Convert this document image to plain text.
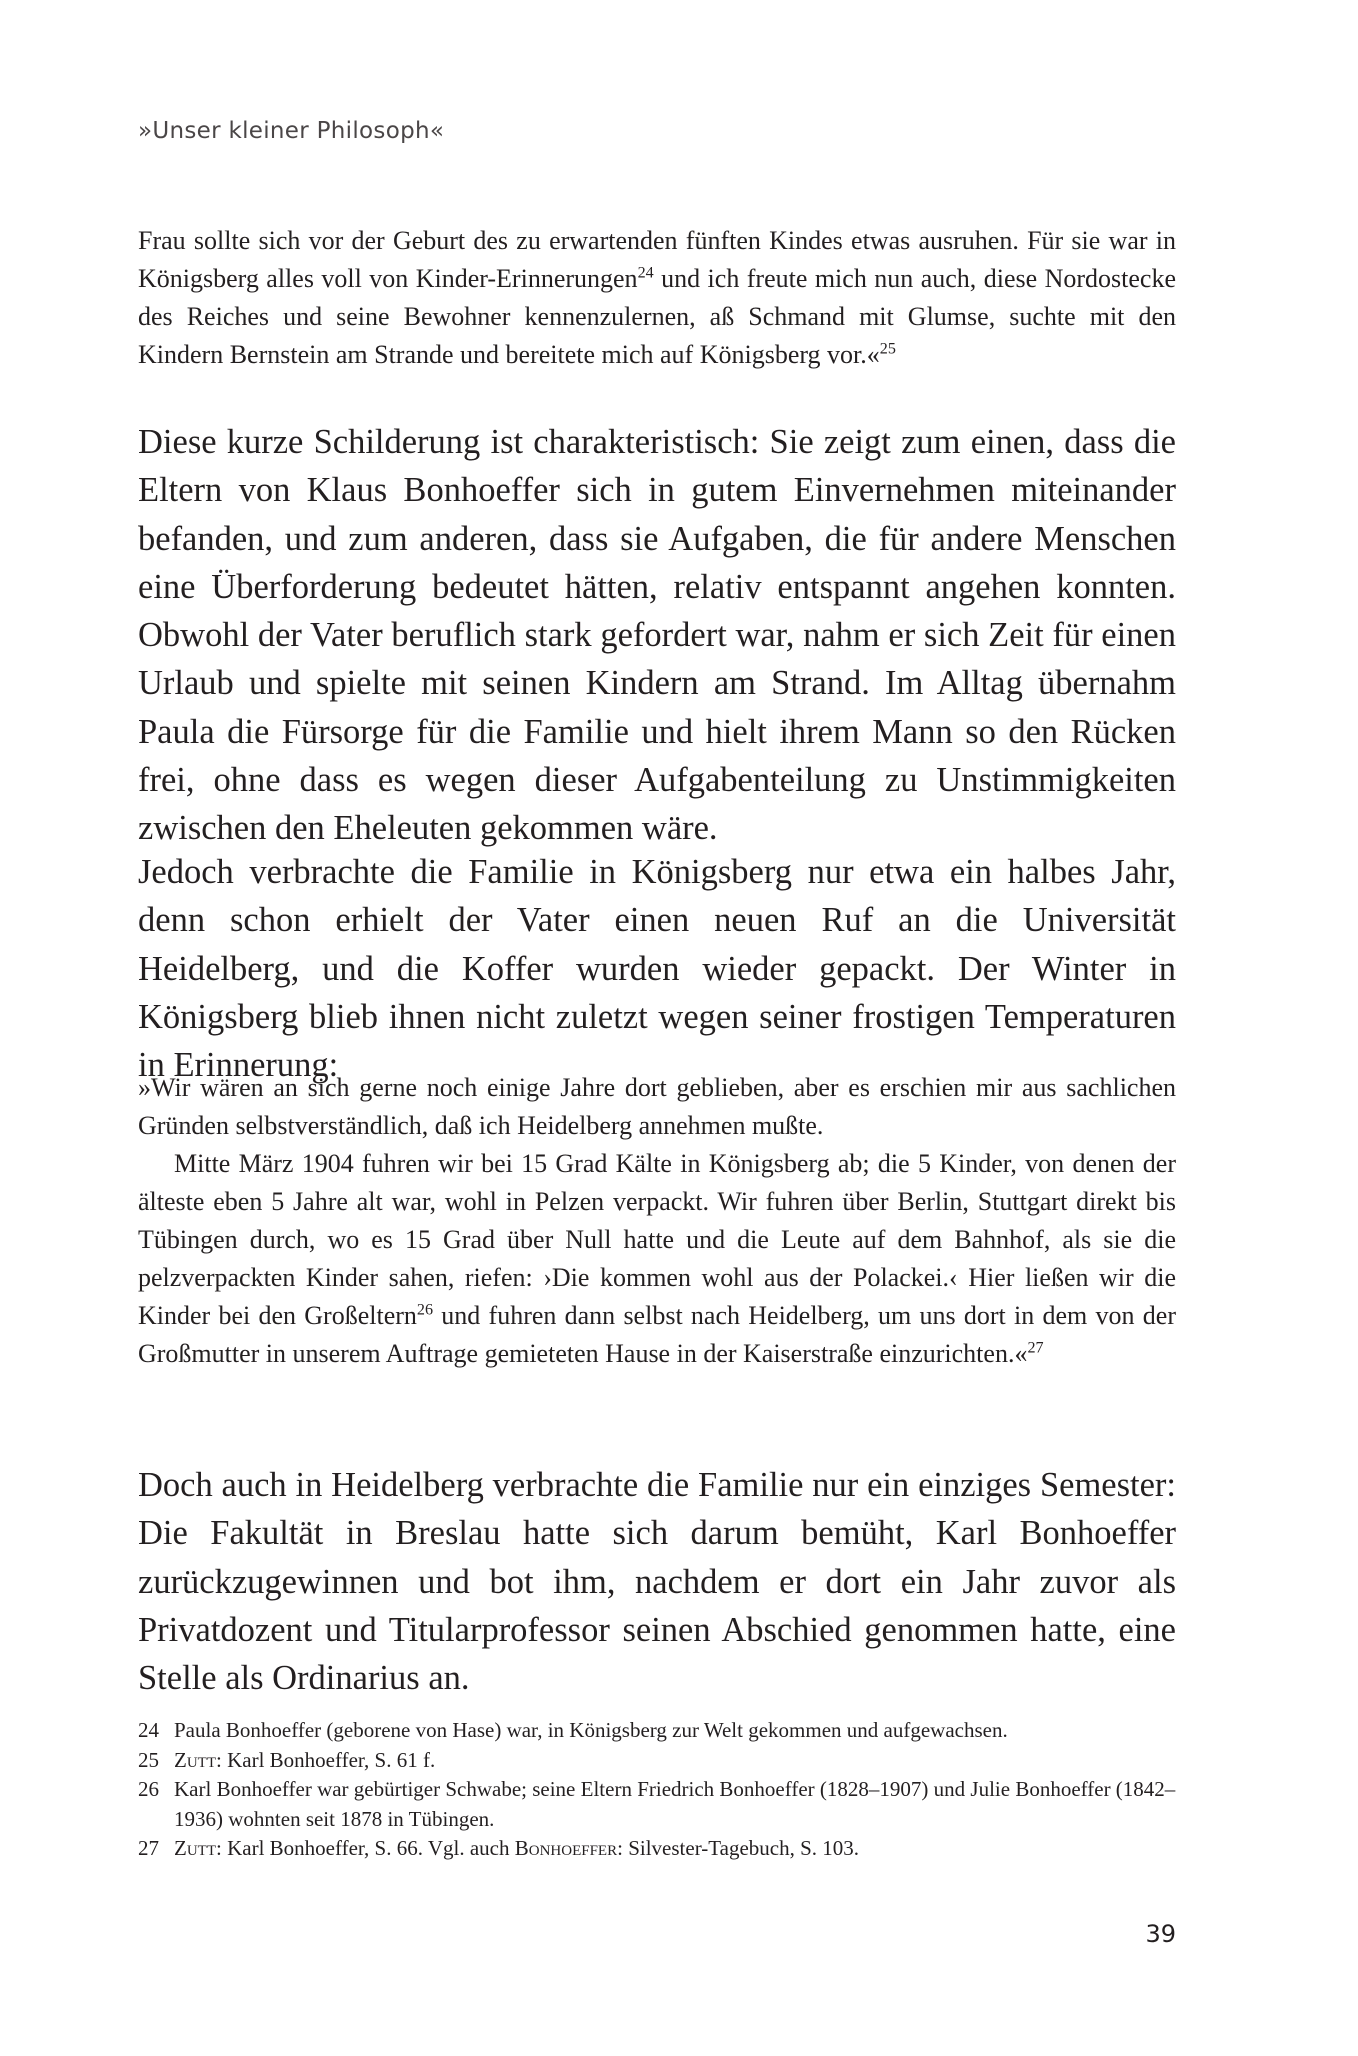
»Unser kleiner Philosoph«

Frau sollte sich vor der Geburt des zu erwartenden fünften Kindes etwas ausruhen. Für sie war in Königsberg alles voll von Kinder-Erinnerungen$^{24}$ und ich freute mich nun auch, diese Nordostecke des Reiches und seine Bewohner kennenzulernen, aß Schmand mit Glumse, suchte mit den Kindern Bernstein am Strande und bereitete mich auf Königsberg vor.«$^{25}$

Diese kurze Schilderung ist charakteristisch: Sie zeigt zum einen, dass die Eltern von Klaus Bonhoeffer sich in gutem Einvernehmen miteinander befanden, und zum anderen, dass sie Aufgaben, die für andere Menschen eine Überforderung bedeutet hätten, relativ entspannt angehen konnten. Obwohl der Vater beruflich stark gefordert war, nahm er sich Zeit für einen Urlaub und spielte mit seinen Kindern am Strand. Im Alltag übernahm Paula die Fürsorge für die Familie und hielt ihrem Mann so den Rücken frei, ohne dass es wegen dieser Aufgabenteilung zu Unstimmigkeiten zwischen den Eheleuten gekommen wäre.

Jedoch verbrachte die Familie in Königsberg nur etwa ein halbes Jahr, denn schon erhielt der Vater einen neuen Ruf an die Universität Heidelberg, und die Koffer wurden wieder gepackt. Der Winter in Königsberg blieb ihnen nicht zuletzt wegen seiner frostigen Temperaturen in Erinnerung:

»Wir wären an sich gerne noch einige Jahre dort geblieben, aber es erschien mir aus sachlichen Gründen selbstverständlich, daß ich Heidelberg annehmen mußte.

Mitte März 1904 fuhren wir bei 15 Grad Kälte in Königsberg ab; die 5 Kinder, von denen der älteste eben 5 Jahre alt war, wohl in Pelzen verpackt. Wir fuhren über Berlin, Stuttgart direkt bis Tübingen durch, wo es 15 Grad über Null hatte und die Leute auf dem Bahnhof, als sie die pelzverpackten Kinder sahen, riefen: ›Die kommen wohl aus der Polackei.‹ Hier ließen wir die Kinder bei den Großeltern$^{26}$ und fuhren dann selbst nach Heidelberg, um uns dort in dem von der Großmutter in unserem Auftrage gemieteten Hause in der Kaiserstraße einzurichten.«$^{27}$

Doch auch in Heidelberg verbrachte die Familie nur ein einziges Semester: Die Fakultät in Breslau hatte sich darum bemüht, Karl Bonhoeffer zurückzugewinnen und bot ihm, nachdem er dort ein Jahr zuvor als Privatdozent und Titularprofessor seinen Abschied genommen hatte, eine Stelle als Ordinarius an.

24 Paula Bonhoeffer (geborene von Hase) war, in Königsberg zur Welt gekommen und aufgewachsen.
25 Zutt: Karl Bonhoeffer, S. 61 f.
26 Karl Bonhoeffer war gebürtiger Schwabe; seine Eltern Friedrich Bonhoeffer (1828–1907) und Julie Bonhoeffer (1842–1936) wohnten seit 1878 in Tübingen.
27 Zutt: Karl Bonhoeffer, S. 66. Vgl. auch Bonhoeffer: Silvester-Tagebuch, S. 103.
39
